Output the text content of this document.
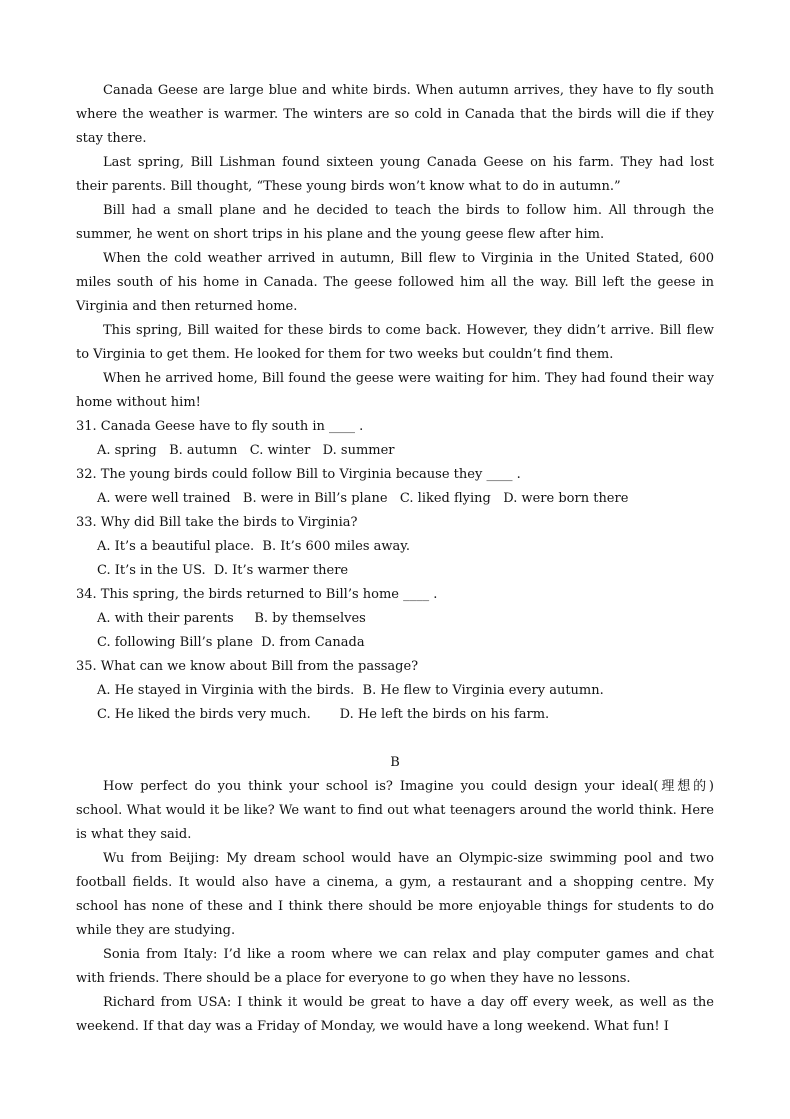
Canada Geese are large blue and white birds. When autumn arrives, they have to fly south where the weather is warmer. The winters are so cold in Canada that the birds will die if they stay there.

Last spring, Bill Lishman found sixteen young Canada Geese on his farm. They had lost their parents. Bill thought, “These young birds won’t know what to do in autumn.”

Bill had a small plane and he decided to teach the birds to follow him. All through the summer, he went on short trips in his plane and the young geese flew after him.

When the cold weather arrived in autumn, Bill flew to Virginia in the United Stated, 600 miles south of his home in Canada. The geese followed him all the way. Bill left the geese in Virginia and then returned home.

This spring, Bill waited for these birds to come back. However, they didn’t arrive. Bill flew to Virginia to get them. He looked for them for two weeks but couldn’t find them.

When he arrived home, Bill found the geese were waiting for him. They had found their way home without him!

31. Canada Geese have to fly south in ____ .

A. spring   B. autumn   C. winter   D. summer

32. The young birds could follow Bill to Virginia because they ____ .

A. were well trained   B. were in Bill’s plane   C. liked flying   D. were born there

33. Why did Bill take the birds to Virginia?

A. It’s a beautiful place.  B. It’s 600 miles away.

C. It’s in the US.  D. It’s warmer there

34. This spring, the birds returned to Bill’s home ____ .

A. with their parents     B. by themselves

C. following Bill’s plane  D. from Canada

35. What can we know about Bill from the passage?

A. He stayed in Virginia with the birds.  B. He flew to Virginia every autumn.

C. He liked the birds very much.       D. He left the birds on his farm.

B

How perfect do you think your school is? Imagine you could design your ideal(理想的) school. What would it be like? We want to find out what teenagers around the world think. Here is what they said.

Wu from Beijing: My dream school would have an Olympic-size swimming pool and two football fields. It would also have a cinema, a gym, a restaurant and a shopping centre. My school has none of these and I think there should be more enjoyable things for students to do while they are studying.

Sonia from Italy: I’d like a room where we can relax and play computer games and chat with friends. There should be a place for everyone to go when they have no lessons.

Richard from USA: I think it would be great to have a day off every week, as well as the weekend. If that day was a Friday of Monday, we would have a long weekend. What fun! I
